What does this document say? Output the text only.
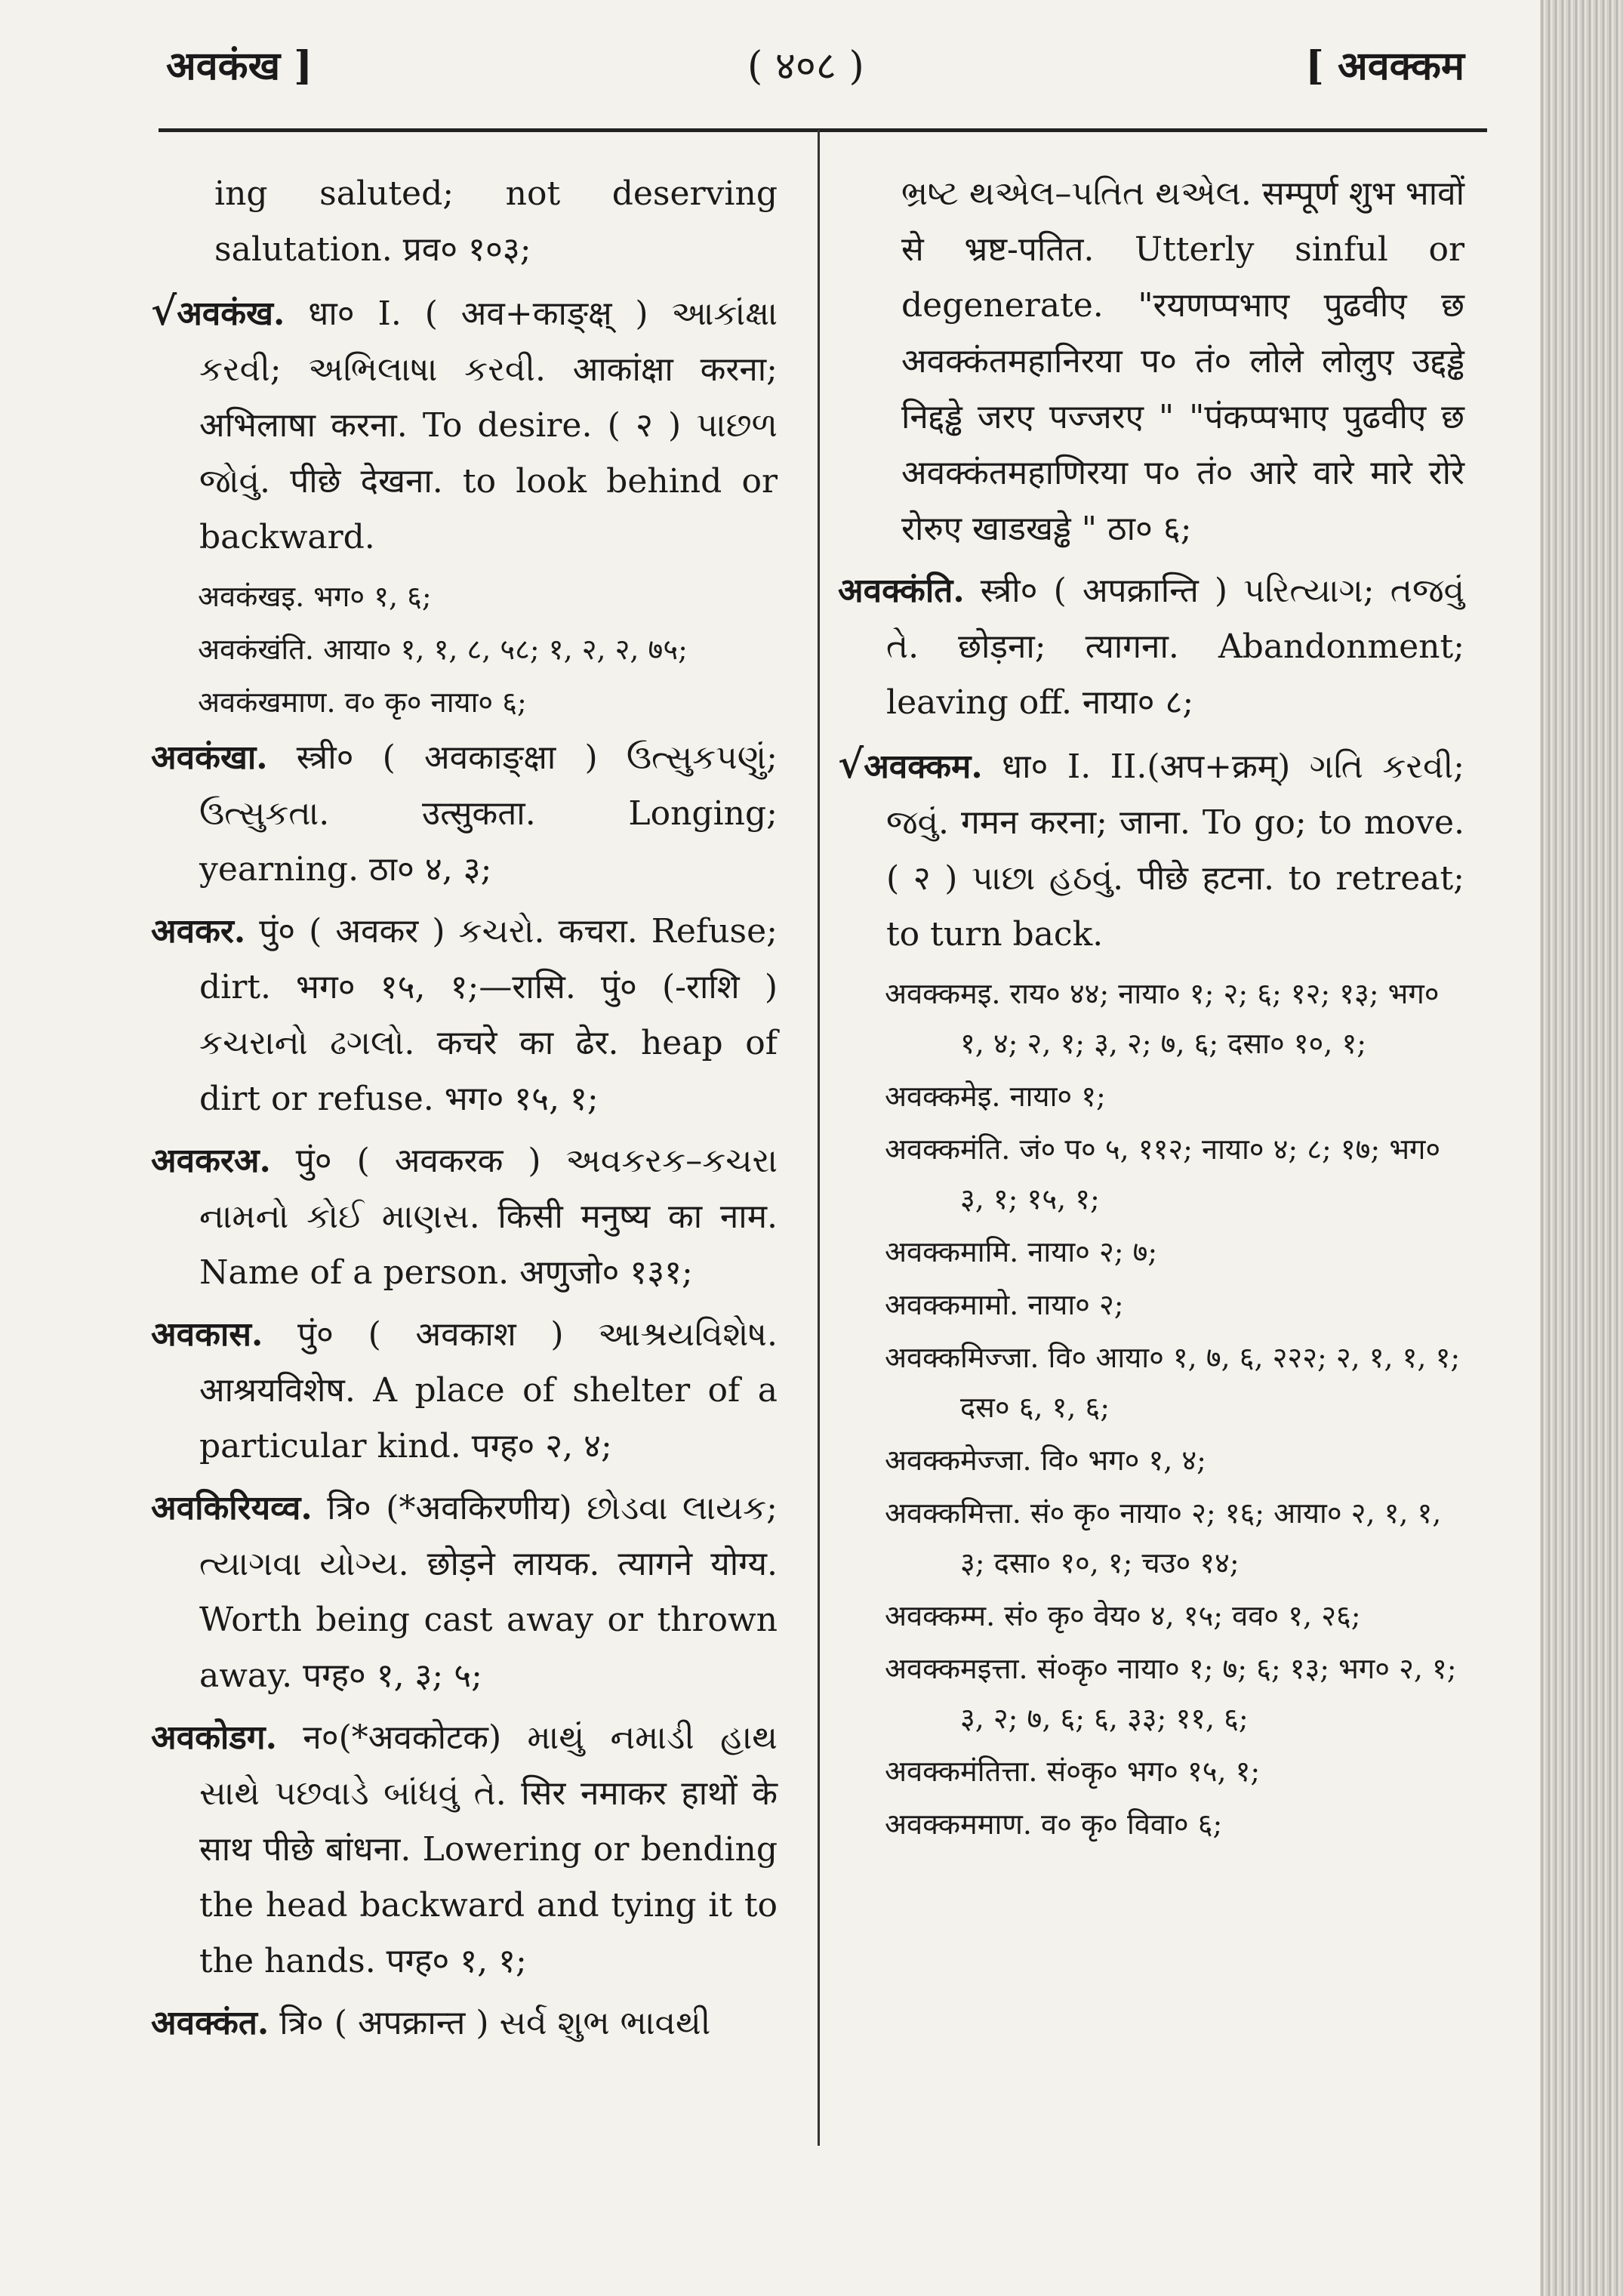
अवकंख ]	( ४०८ )	[ अवक्कम
ing saluted; not deserving salutation. प्रव० १०३;
√अवकंख. धा० I. ( अव+काङ्क्ष् ) આકાંક્ષા કરવી; અભિલાષા કરવી. आकांक्षा करना; अभिलाषा करना. To desire. ( २ ) પાછળ જોવું. पीछे देखना. to look behind or backward.
अवकंखइ. भग० १, ६;
अवकंखंति. आया० १, १, ८, ५८; १, २, २, ७५;
अवकंखमाण. व० कृ० नाया० ६;
अवकंखा. स्त्री० ( अवकाङ्क्षा ) ઉત્સુકપણું; ઉત્સુકતા. उत्सुकता. Longing; yearning. ठा० ४, ३;
अवकर. पुं० ( अवकर ) કચરો. कचरा. Refuse; dirt. भग० १५, १;—रासि. पुं० (-राशि ) કચરાનો ઢગલો. कचरे का ढेर. heap of dirt or refuse. भग० १५, १;
अवकरअ. पुं० ( अवकरक ) અવકરક–કચરા નામનો કોઈ માણસ. किसी मनुष्य का नाम. Name of a person. अणुजो० १३१;
अवकास. पुं० ( अवकाश ) આશ્રયવિશેષ. आश्रयविशेष. A place of shelter of a particular kind. पग्ह० २, ४;
अवकिरियव्व. त्रि० (*अवकिरणीय) છોડવા લાયક; ત્યાગવા યોગ્ય. छोड़ने लायक. त्यागने योग्य. Worth being cast away or thrown away. पग्ह० १, ३; ५;
अवकोडग. न०(*अवकोटक) માથું નમાડી હાથ સાથે પછવાડે બાંધવું તે. सिर नमाकर हाथों के साथ पीछे बांधना. Lowering or bending the head backward and tying it to the hands. पग्ह० १, १;
अवक्कंत. त्रि० ( अपक्रान्त ) સર્વ શુભ ભાવથી
ભ્રષ્ટ થએલ–પતિત થએલ. सम्पूर्ण शुभ भावों से भ्रष्ट-पतित. Utterly sinful or degenerate. "रयणप्पभाए पुढवीए छ अवक्कंतमहानिरया प० तं० लोले लोलुए उद्दड्ढे निद्दड्ढे जरए पज्जरए " "पंकप्पभाए पुढवीए छ अवक्कंतमहाणिरया प० तं० आरे वारे मारे रोरे रोरुए खाडखड्ढे " ठा० ६;
अवक्कंति. स्त्री० ( अपक्रान्ति ) પરિત્યાગ; તજવું તે. छोड़ना; त्यागना. Abandonment; leaving off. नाया० ८;
√अवक्कम. धा० I. II.(अप+क्रम्) ગતિ કરવી; જવું. गमन करना; जाना. To go; to move. ( २ ) પાછા હઠવું. पीछे हटना. to retreat; to turn back.
अवक्कमइ. राय० ४४; नाया० १; २; ६; १२; १३; भग० १, ४; २, १; ३, २; ७, ६; दसा० १०, १;
अवक्कमेइ. नाया० १;
अवक्कमंति. जं० प० ५, ११२; नाया० ४; ८; १७; भग० ३, १; १५, १;
अवक्कमामि. नाया० २; ७;
अवक्कमामो. नाया० २;
अवक्कमिज्जा. वि० आया० १, ७, ६, २२२; २, १, १, १; दस० ६, १, ६;
अवक्कमेज्जा. वि० भग० १, ४;
अवक्कमित्ता. सं० कृ० नाया० २; १६; आया० २, १, १, ३; दसा० १०, १; चउ० १४;
अवक्कम्म. सं० कृ० वेय० ४, १५; वव० १, २६;
अवक्कमइत्ता. सं०कृ० नाया० १; ७; ६; १३; भग० २, १; ३, २; ७, ६; ६, ३३; ११, ६;
अवक्कमंतित्ता. सं०कृ० भग० १५, १;
अवक्कममाण. व० कृ० विवा० ६;
